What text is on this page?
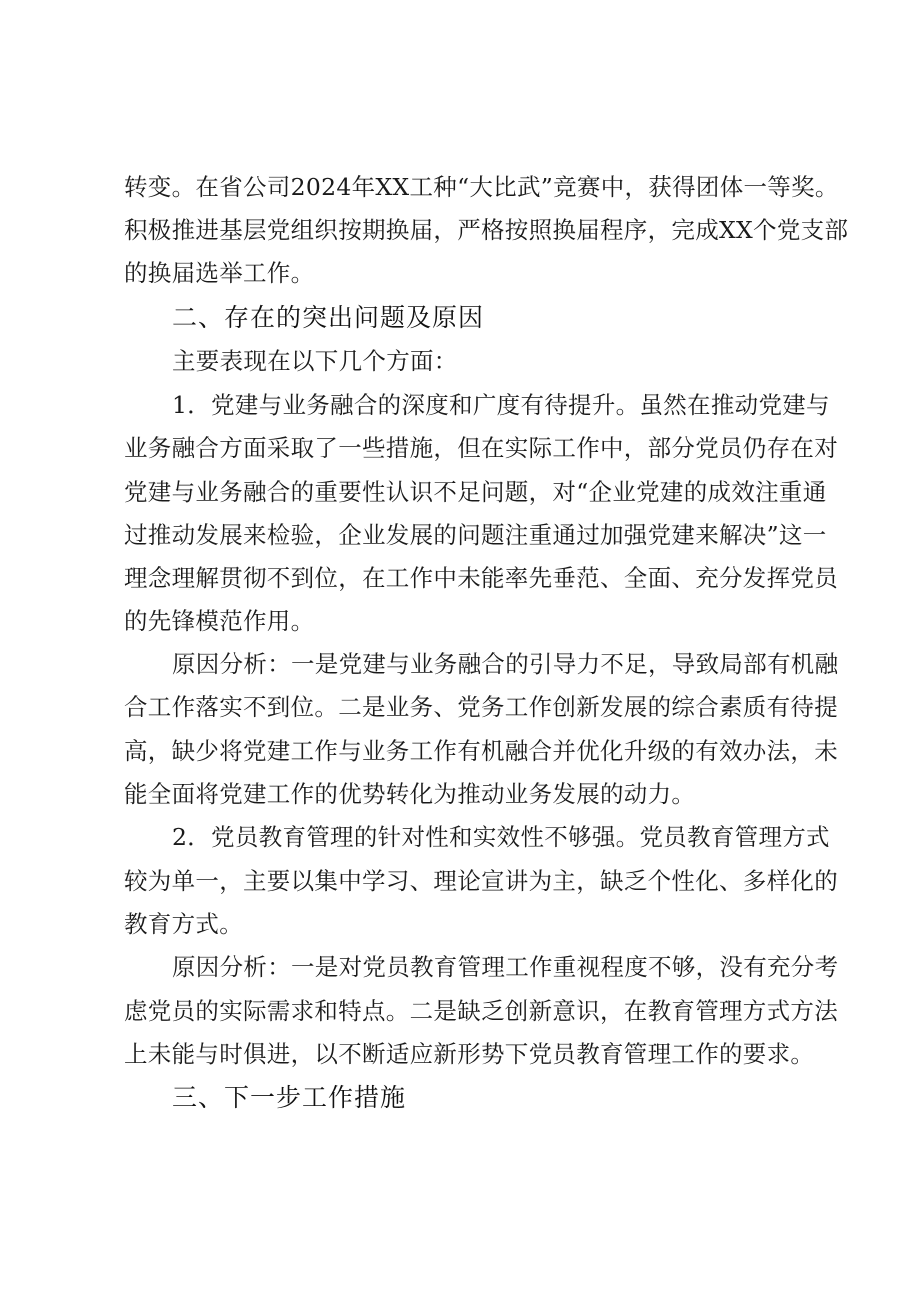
转变。在省公司2024年XX工种“大比武”竞赛中，获得团体一等奖。
积极推进基层党组织按期换届，严格按照换届程序，完成XX个党支部
的换届选举工作。
二、存在的突出问题及原因
主要表现在以下几个方面：
1．党建与业务融合的深度和广度有待提升。虽然在推动党建与
业务融合方面采取了一些措施，但在实际工作中，部分党员仍存在对
党建与业务融合的重要性认识不足问题，对“企业党建的成效注重通
过推动发展来检验，企业发展的问题注重通过加强党建来解决”这一
理念理解贯彻不到位，在工作中未能率先垂范、全面、充分发挥党员
的先锋模范作用。
原因分析：一是党建与业务融合的引导力不足，导致局部有机融
合工作落实不到位。二是业务、党务工作创新发展的综合素质有待提
高，缺少将党建工作与业务工作有机融合并优化升级的有效办法，未
能全面将党建工作的优势转化为推动业务发展的动力。
2．党员教育管理的针对性和实效性不够强。党员教育管理方式
较为单一，主要以集中学习、理论宣讲为主，缺乏个性化、多样化的
教育方式。
原因分析：一是对党员教育管理工作重视程度不够，没有充分考
虑党员的实际需求和特点。二是缺乏创新意识，在教育管理方式方法
上未能与时俱进，以不断适应新形势下党员教育管理工作的要求。
三、下一步工作措施
